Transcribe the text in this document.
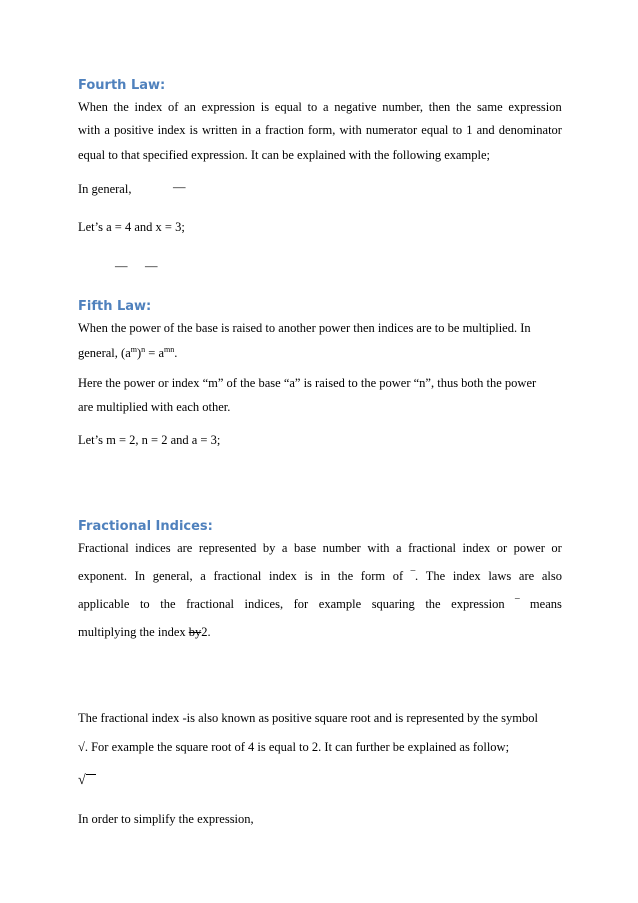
Fourth Law:
When the index of an expression is equal to a negative number, then the same expression
with a positive index is written in a fraction form, with numerator equal to 1 and denominator
equal to that specified expression. It can be explained with the following example;
In general,	—
Let’s a = 4 and x = 3;
— —
Fifth Law:
When the power of the base is raised to another power then indices are to be multiplied. In
general, $(a^m)^n = a^{mn}$.
Here the power or index “m” of the base “a” is raised to the power “n”, thus both the power
are multiplied with each other.
Let’s m = 2, n = 2 and a = 3;
Fractional Indices:
Fractional indices are represented by a base number with a fractional index or power or
exponent. In general, a fractional index is in the form of ‾. The index laws are also
applicable to the fractional indices, for example squaring the expression ‾ means
multiplying the index by2.
The fractional index -is also known as positive square root and is represented by the symbol
√. For example the square root of 4 is equal to 2. It can further be explained as follow;
√
In order to simplify the expression,
